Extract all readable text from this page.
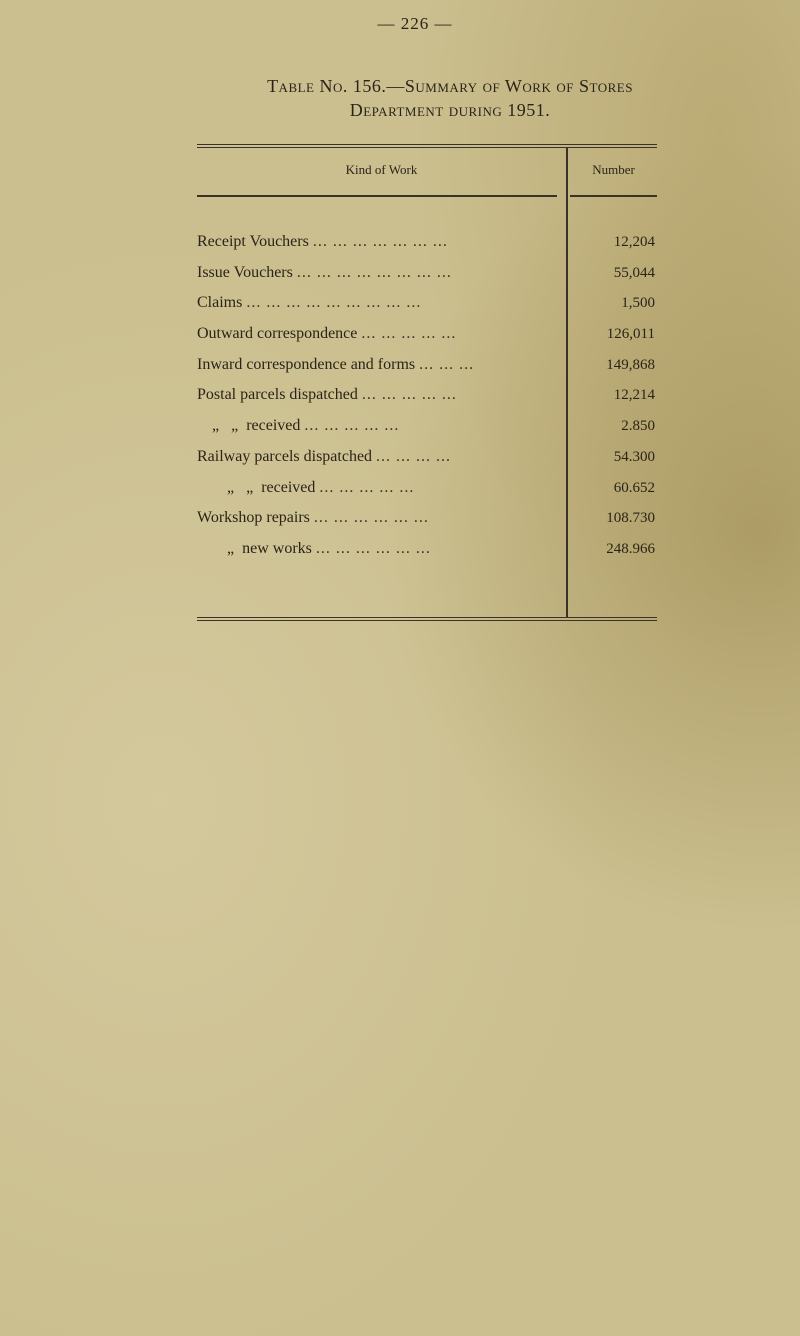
— 226 —
Table No. 156.—Summary of Work of Stores
Department during 1951.
Kind of Work	Number
Receipt Vouchers ... ... ... ... ... ... ...	12,204
Issue Vouchers ... ... ... ... ... ... ... ...	55,044
Claims ... ... ... ... ... ... ... ... ...	1,500
Outward correspondence ... ... ... ... ...	126,011
Inward correspondence and forms ... ... ...	149,868
Postal parcels dispatched ... ... ... ... ...	12,214
„ „ received ... ... ... ... ...	2.850
Railway parcels dispatched ... ... ... ...	54.300
„ „ received ... ... ... ... ...	60.652
Workshop repairs ... ... ... ... ... ...	108.730
„ new works ... ... ... ... ... ...	248.966
